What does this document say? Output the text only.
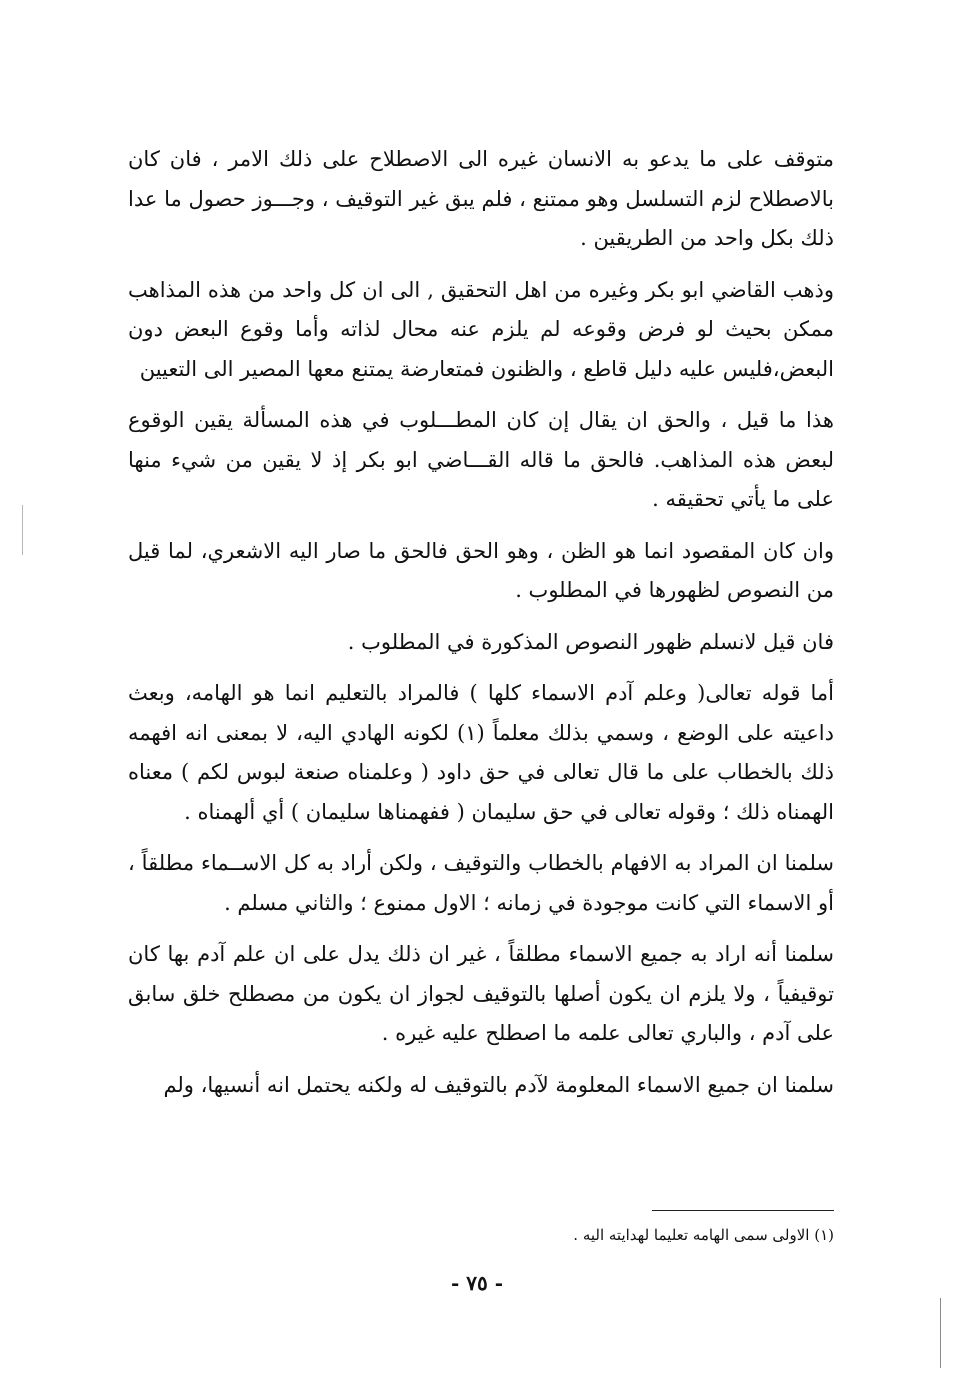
متوقف على ما يدعو به الانسان غيره الى الاصطلاح على ذلك الامر ، فان كان بالاصطلاح لزم التسلسل وهو ممتنع ، فلم يبق غير التوقيف ، وجـــوز حصول ما عدا ذلك بكل واحد من الطريقين .

وذهب القاضي ابو بكر وغيره من اهل التحقيق , الى ان كل واحد من هذه المذاهب ممكن بحيث لو فرض وقوعه لم يلزم عنه محال لذاته وأما وقوع البعض دون البعض،فليس عليه دليل قاطع ، والظنون فمتعارضة يمتنع معها المصير الى التعيين

هذا ما قيل ، والحق ان يقال إن كان المطـــلوب في هذه المسألة يقين الوقوع لبعض هذه المذاهب. فالحق ما قاله القـــاضي ابو بكر إذ لا يقين من شيء منها على ما يأتي تحقيقه .

وان كان المقصود انما هو الظن ، وهو الحق فالحق ما صار اليه الاشعري، لما قيل من النصوص لظهورها في المطلوب .

فان قيل لانسلم ظهور النصوص المذكورة في المطلوب .

أما قوله تعالى( وعلم آدم الاسماء كلها ) فالمراد بالتعليم انما هو الهامه، وبعث داعيته على الوضع ، وسمي بذلك معلماً (١) لكونه الهادي اليه، لا بمعنى انه افهمه ذلك بالخطاب على ما قال تعالى في حق داود ( وعلمناه صنعة لبوس لكم ) معناه الهمناه ذلك ؛ وقوله تعالى في حق سليمان ( ففهمناها سليمان ) أي ألهمناه .

سلمنا ان المراد به الافهام بالخطاب والتوقيف ، ولكن أراد به كل الاســماء مطلقاً ، أو الاسماء التي كانت موجودة في زمانه ؛ الاول ممنوع ؛ والثاني مسلم .

سلمنا أنه اراد به جميع الاسماء مطلقاً ، غير ان ذلك يدل على ان علم آدم بها كان توقيفياً ، ولا يلزم ان يكون أصلها بالتوقيف لجواز ان يكون من مصطلح خلق سابق على آدم ، والباري تعالى علمه ما اصطلح عليه غيره .

سلمنا ان جميع الاسماء المعلومة لآدم بالتوقيف له ولكنه يحتمل انه أنسيها، ولم

(١) الاولى سمى الهامه تعليما لهدايته اليه .
- ٧٥ -
